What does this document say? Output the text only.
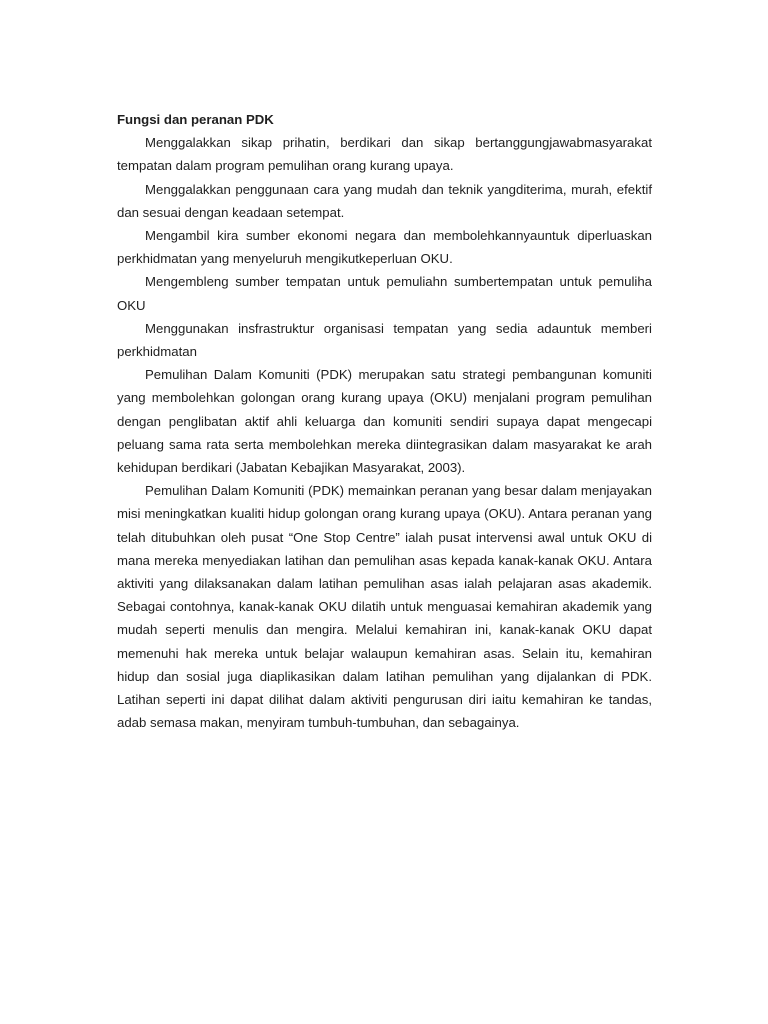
Fungsi dan peranan PDK

Menggalakkan sikap prihatin, berdikari dan sikap bertanggungjawabmasyarakat tempatan dalam program pemulihan orang kurang upaya.

Menggalakkan penggunaan cara yang mudah dan teknik yangditerima, murah, efektif dan sesuai dengan keadaan setempat.

Mengambil kira sumber ekonomi negara dan membolehkannyauntuk diperluaskan perkhidmatan yang menyeluruh mengikutkeperluan OKU.

Mengembleng sumber tempatan untuk pemuliahn sumbertempatan untuk pemuliha OKU

Menggunakan insfrastruktur organisasi tempatan yang sedia adauntuk memberi perkhidmatan

Pemulihan Dalam Komuniti (PDK) merupakan satu strategi pembangunan komuniti yang membolehkan golongan orang kurang upaya (OKU) menjalani program pemulihan dengan penglibatan aktif ahli keluarga dan komuniti sendiri supaya dapat mengecapi peluang sama rata serta membolehkan mereka diintegrasikan dalam masyarakat ke arah kehidupan berdikari (Jabatan Kebajikan Masyarakat, 2003).

Pemulihan Dalam Komuniti (PDK) memainkan peranan yang besar dalam menjayakan misi meningkatkan kualiti hidup golongan orang kurang upaya (OKU). Antara peranan yang telah ditubuhkan oleh pusat “One Stop Centre” ialah pusat intervensi awal untuk OKU di mana mereka menyediakan latihan dan pemulihan asas kepada kanak-kanak OKU. Antara aktiviti yang dilaksanakan dalam latihan pemulihan asas ialah pelajaran asas akademik. Sebagai contohnya, kanak-kanak OKU dilatih untuk menguasai kemahiran akademik yang mudah seperti menulis dan mengira. Melalui kemahiran ini, kanak-kanak OKU dapat memenuhi hak mereka untuk belajar walaupun kemahiran asas. Selain itu, kemahiran hidup dan sosial juga diaplikasikan dalam latihan pemulihan yang dijalankan di PDK. Latihan seperti ini dapat dilihat dalam aktiviti pengurusan diri iaitu kemahiran ke tandas, adab semasa makan, menyiram tumbuh-tumbuhan, dan sebagainya.
